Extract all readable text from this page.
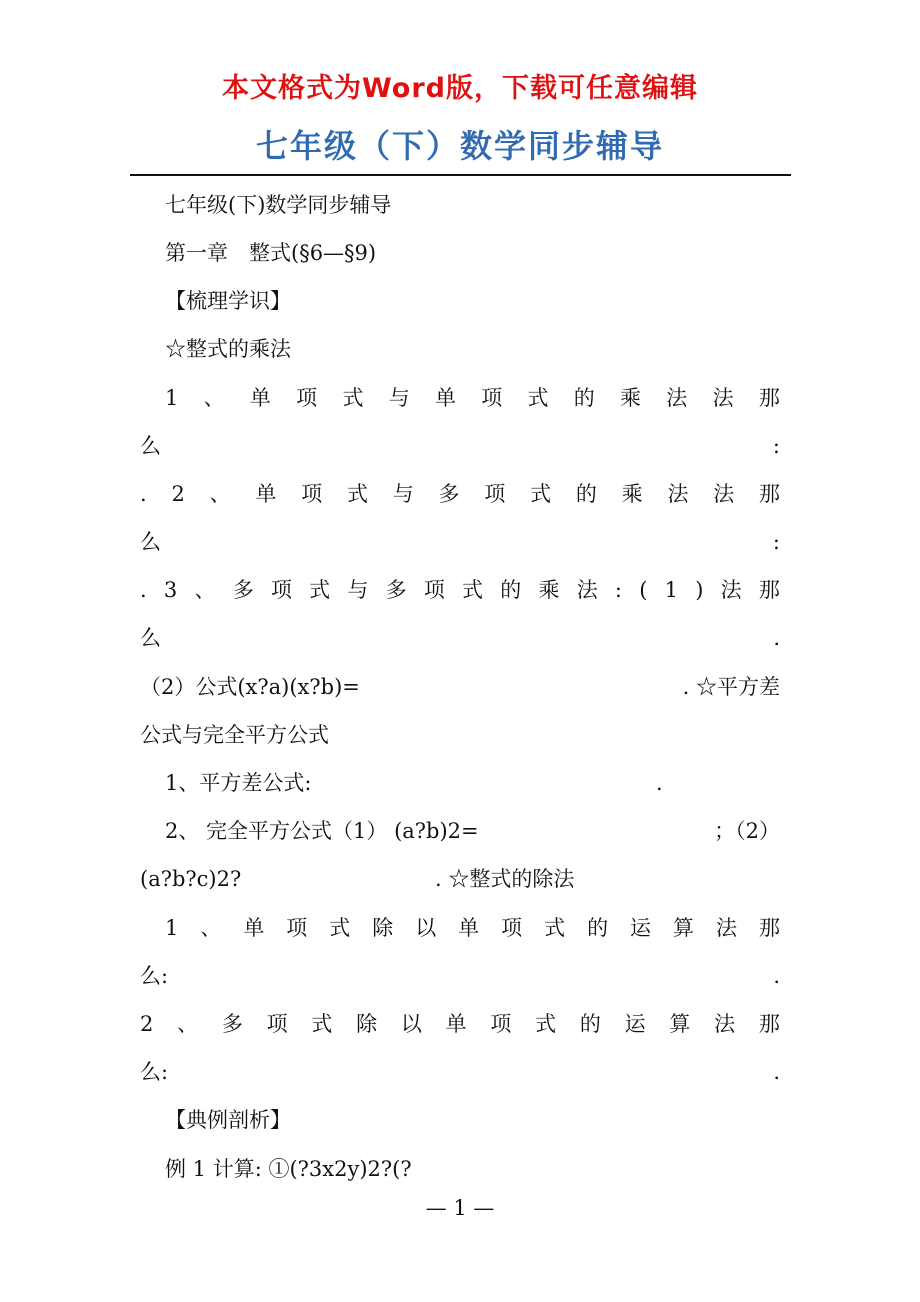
本文格式为Word版，下载可任意编辑
七年级（下）数学同步辅导
七年级(下)数学同步辅导
第一章　整式(§6—§9)
【梳理学识】
☆整式的乘法
1 、 单 项 式 与 单 项 式 的 乘 法 法 那
么	:
. 2 、 单 项 式 与 多 项 式 的 乘 法 法 那
么	:
. 3 、 多 项 式 与 多 项 式 的 乘 法 : ( 1 ) 法 那
么	.
（2）公式(x?a)(x?b)=	. ☆平方差
公式与完全平方公式
1、平方差公式:	.
2、 完全平方公式（1） (a?b)2=	；（2）
(a?b?c)2?	. ☆整式的除法
1 、 单 项 式 除 以 单 项 式 的 运 算 法 那
么:	.
2 、 多 项 式 除 以 单 项 式 的 运 算 法 那
么:	.
【典例剖析】
例 1 计算: ①(?3x2y)2?(?
— 1 —
